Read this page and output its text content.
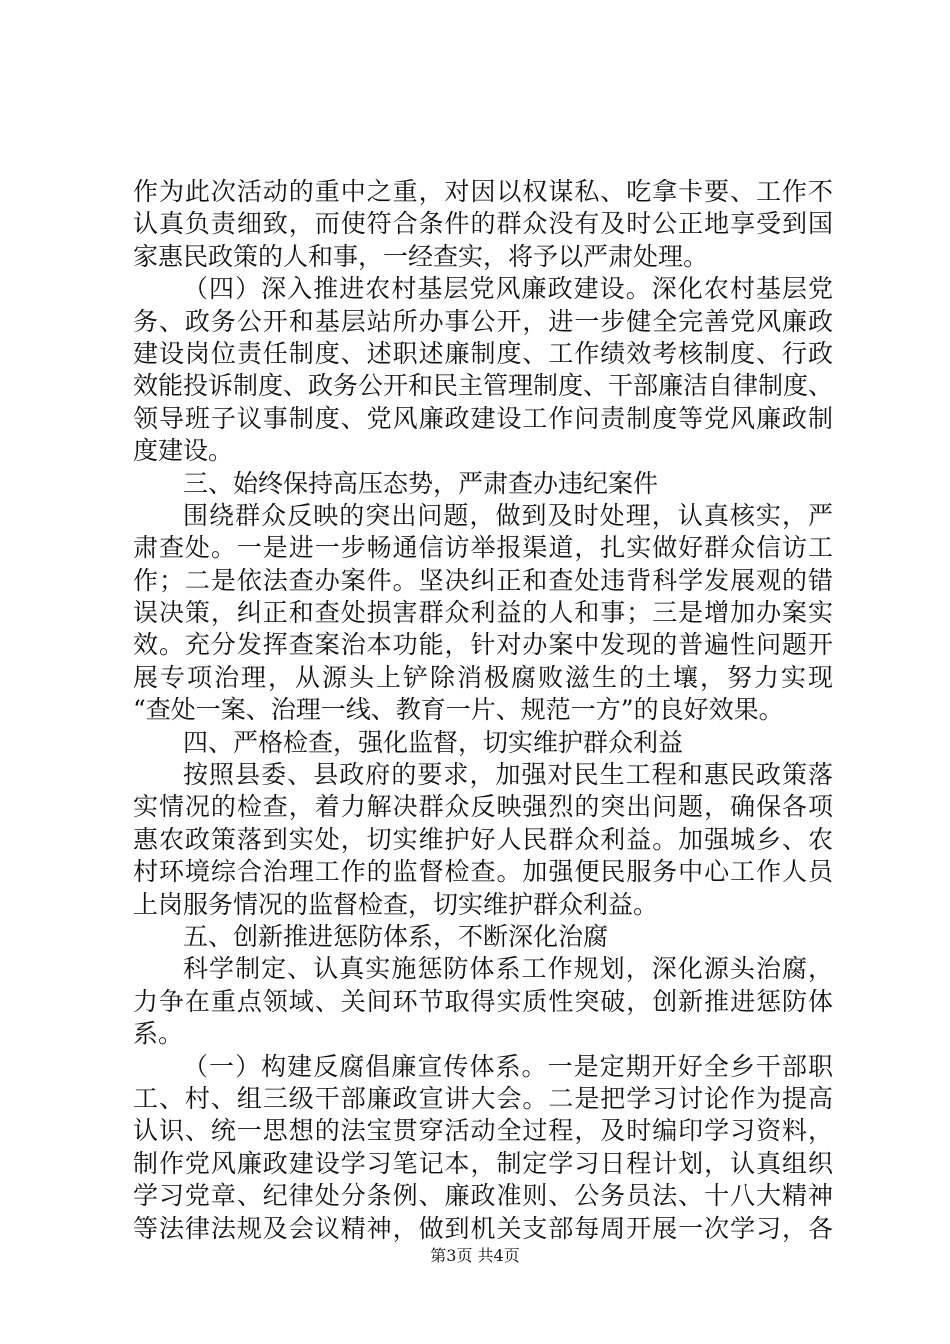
作为此次活动的重中之重，对因以权谋私、吃拿卡要、工作不
认真负责细致，而使符合条件的群众没有及时公正地享受到国
家惠民政策的人和事，一经查实，将予以严肃处理。
（四）深入推进农村基层党风廉政建设。深化农村基层党
务、政务公开和基层站所办事公开，进一步健全完善党风廉政
建设岗位责任制度、述职述廉制度、工作绩效考核制度、行政
效能投诉制度、政务公开和民主管理制度、干部廉洁自律制度、
领导班子议事制度、党风廉政建设工作问责制度等党风廉政制
度建设。
三、始终保持高压态势，严肃查办违纪案件
围绕群众反映的突出问题，做到及时处理，认真核实，严
肃查处。一是进一步畅通信访举报渠道，扎实做好群众信访工
作；二是依法查办案件。坚决纠正和查处违背科学发展观的错
误决策，纠正和查处损害群众利益的人和事；三是增加办案实
效。充分发挥查案治本功能，针对办案中发现的普遍性问题开
展专项治理，从源头上铲除消极腐败滋生的土壤，努力实现
“查处一案、治理一线、教育一片、规范一方”的良好效果。
四、严格检查，强化监督，切实维护群众利益
按照县委、县政府的要求，加强对民生工程和惠民政策落
实情况的检查，着力解决群众反映强烈的突出问题，确保各项
惠农政策落到实处，切实维护好人民群众利益。加强城乡、农
村环境综合治理工作的监督检查。加强便民服务中心工作人员
上岗服务情况的监督检查，切实维护群众利益。
五、创新推进惩防体系，不断深化治腐
科学制定、认真实施惩防体系工作规划，深化源头治腐，
力争在重点领域、关间环节取得实质性突破，创新推进惩防体
系。
（一）构建反腐倡廉宣传体系。一是定期开好全乡干部职
工、村、组三级干部廉政宣讲大会。二是把学习讨论作为提高
认识、统一思想的法宝贯穿活动全过程，及时编印学习资料，
制作党风廉政建设学习笔记本，制定学习日程计划，认真组织
学习党章、纪律处分条例、廉政准则、公务员法、十八大精神
等法律法规及会议精神，做到机关支部每周开展一次学习，各
第3页 共4页
